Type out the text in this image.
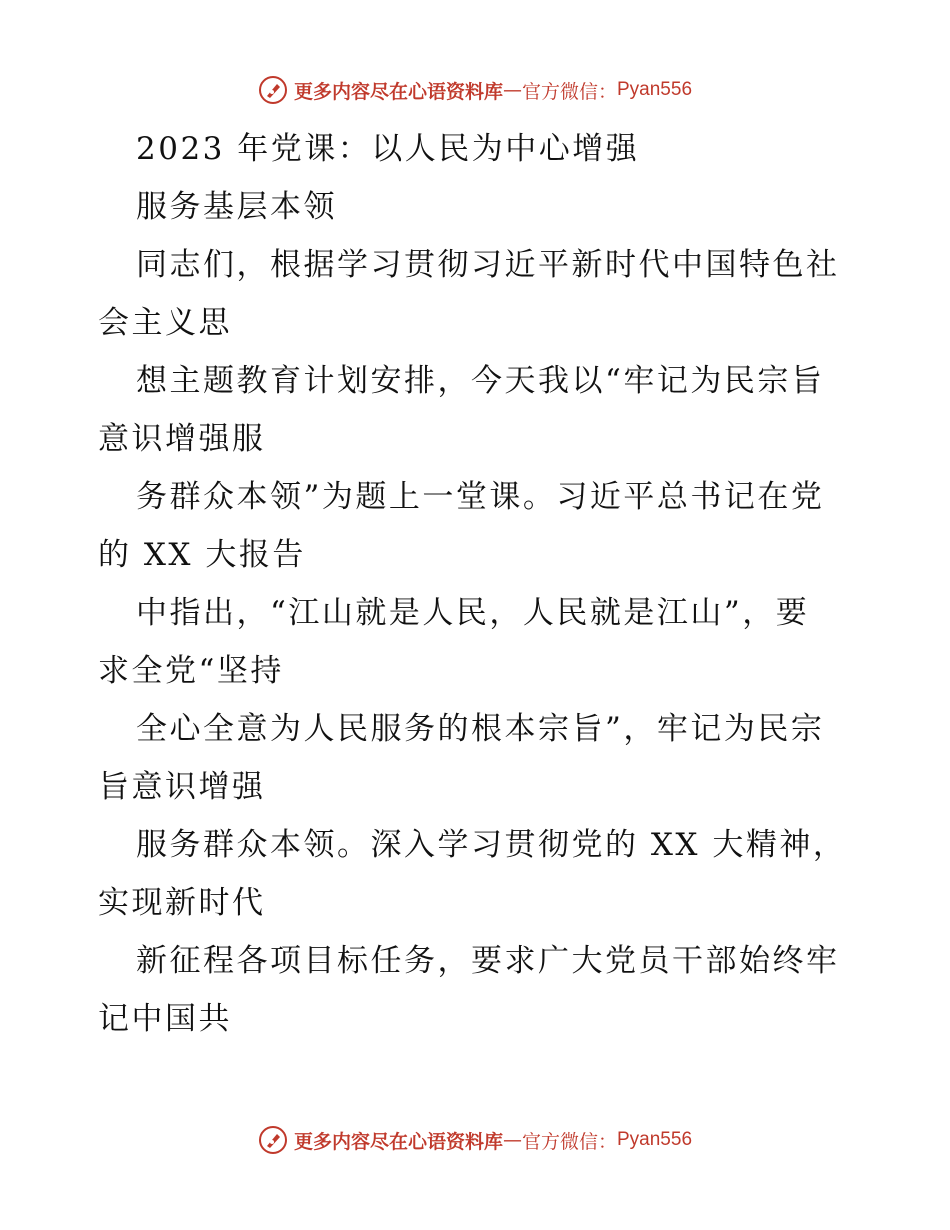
更多内容尽在心语资料库 — 官方微信： Pyan556
2023 年党课：以人民为中心增强
服务基层本领
同志们，根据学习贯彻习近平新时代中国特色社
会主义思
想主题教育计划安排，今天我以“牢记为民宗旨
意识增强服
务群众本领”为题上一堂课。习近平总书记在党
的 XX 大报告
中指出，“江山就是人民，人民就是江山”，要
求全党“坚持
全心全意为人民服务的根本宗旨”，牢记为民宗
旨意识增强
服务群众本领。深入学习贯彻党的 XX 大精神，
实现新时代
新征程各项目标任务，要求广大党员干部始终牢
记中国共
更多内容尽在心语资料库 — 官方微信： Pyan556
